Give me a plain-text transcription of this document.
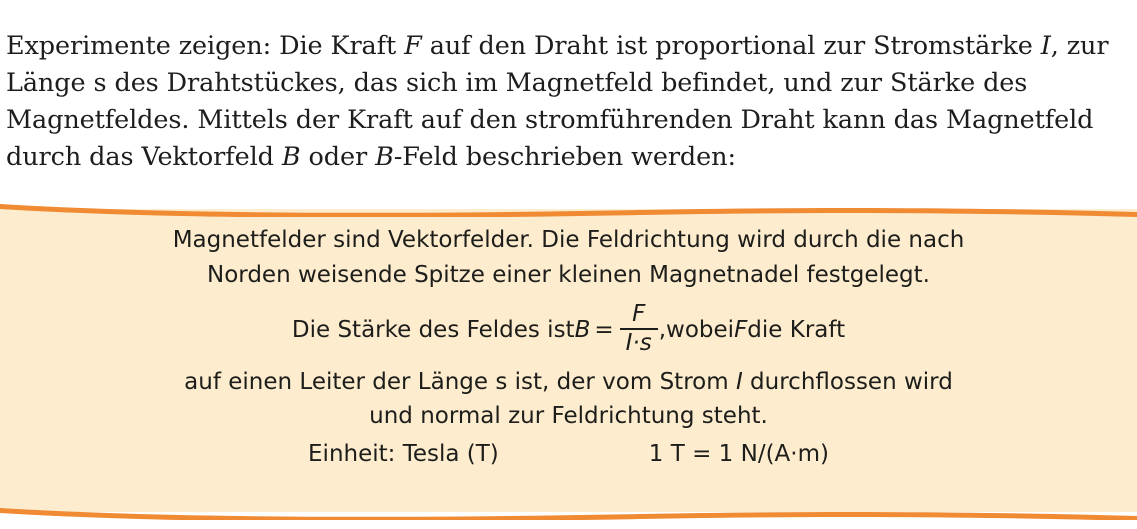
Experimente zeigen: Die Kraft F auf den Draht ist proportional zur Stromstärke I, zur Länge s des Drahtstückes, das sich im Magnetfeld befindet, und zur Stärke des Magnetfeldes. Mittels der Kraft auf den stromführenden Draht kann das Magnetfeld durch das Vektorfeld B oder B-Feld beschrieben werden:

Magnetfelder sind Vektorfelder. Die Feldrichtung wird durch die nach
Norden weisende Spitze einer kleinen Magnetnadel festgelegt.
Die Stärke des Feldes ist $B = \frac{F}{I\cdot s}$ ,wobei F die Kraft
auf einen Leiter der Länge s ist, der vom Strom I durchflossen wird
und normal zur Feldrichtung steht.
Einheit: Tesla (T)	1 T = 1 N/(A·m)
